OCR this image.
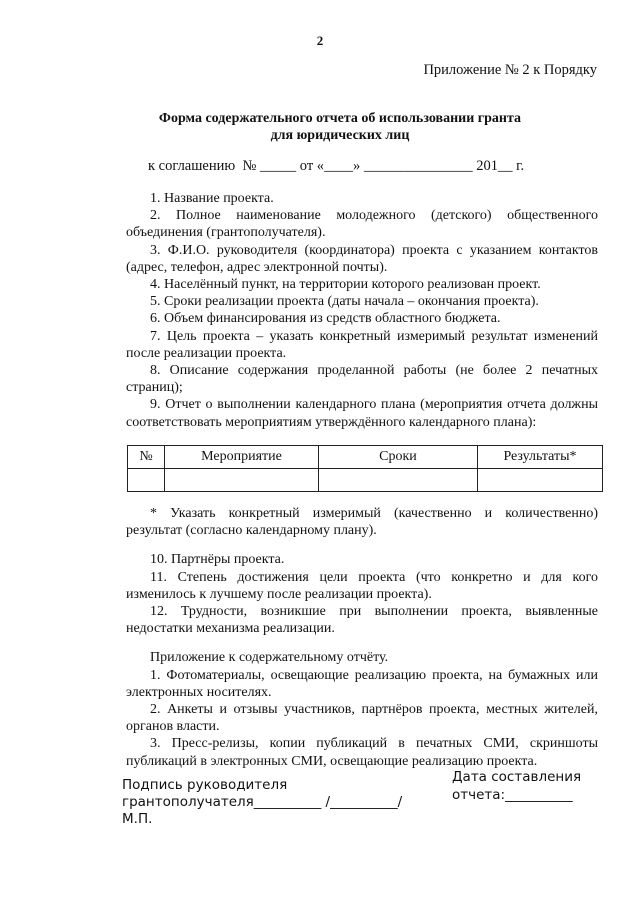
2
Приложение № 2 к Порядку
Форма содержательного отчета об использовании гранта
для юридических лиц
к соглашению  № _____ от «____» _______________ 201__ г.

1. Название проекта.

2. Полное наименование молодежного (детского) общественного объединения (грантополучателя).

3. Ф.И.О. руководителя (координатора) проекта с указанием контактов (адрес, телефон, адрес электронной почты).

4. Населённый пункт, на территории которого реализован проект.

5. Сроки реализации проекта (даты начала – окончания проекта).

6. Объем финансирования из средств областного бюджета.

7. Цель проекта – указать конкретный измеримый результат изменений после реализации проекта.

8. Описание содержания проделанной работы (не более 2 печатных страниц);

9. Отчет о выполнении календарного плана (мероприятия отчета должны соответствовать мероприятиям утверждённого календарного плана):

№	Мероприятие	Сроки	Результаты*

* Указать конкретный измеримый (качественно и количественно) результат (согласно календарному плану).

10. Партнёры проекта.

11. Степень достижения цели проекта (что конкретно и для кого изменилось к лучшему после реализации проекта).

12. Трудности, возникшие при выполнении проекта, выявленные недостатки механизма реализации.

Приложение к содержательному отчёту.

1. Фотоматериалы, освещающие реализацию проекта, на бумажных или электронных носителях.

2. Анкеты и отзывы участников, партнёров проекта, местных жителей, органов власти.

3. Пресс-релизы, копии публикаций в печатных СМИ, скриншоты публикаций в электронных СМИ, освещающие реализацию проекта.

Подпись руководителя
грантополучателя__________ /__________/
М.П.
Дата составления
отчета:__________
